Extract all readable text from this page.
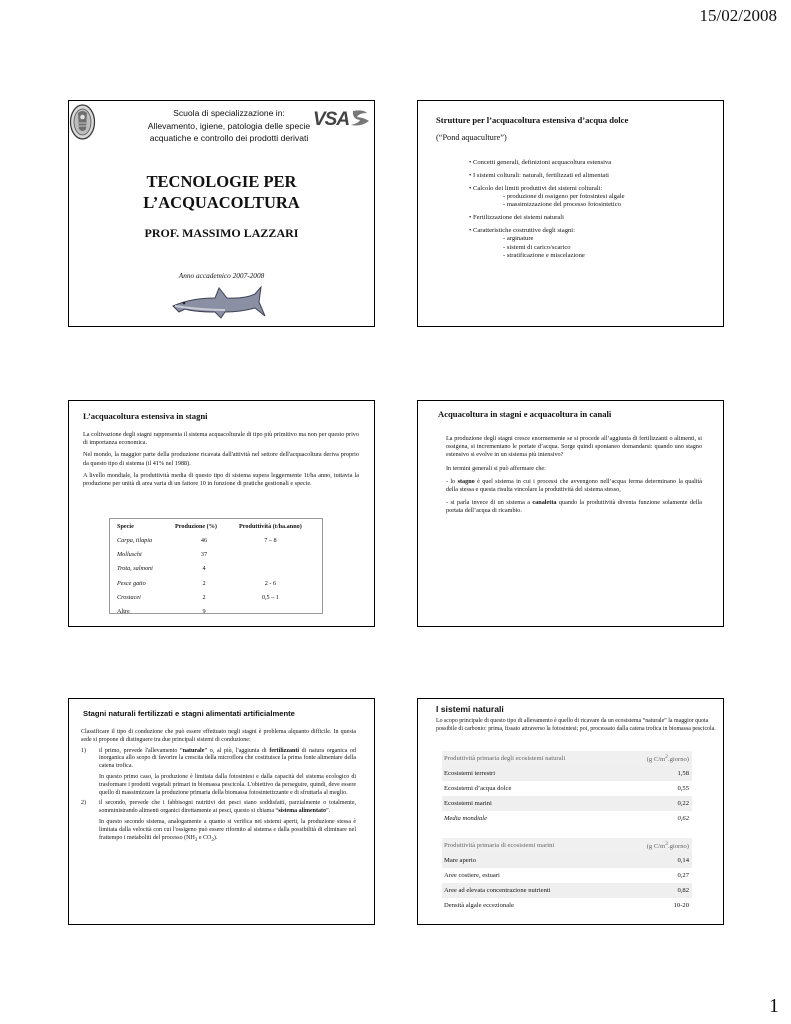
15/02/2008
1
Scuola di specializzazione in:
Allevamento, igiene, patologia delle specie
acquatiche e controllo dei prodotti derivati
VSA
TECNOLOGIE PER
L’ACQUACOLTURA
PROF. MASSIMO LAZZARI
Anno accademico 2007-2008
Strutture per l’acquacoltura estensiva d’acqua dolce
(“Pond aquaculture”)
• Concetti generali, definizioni acquacoltura estensiva
• I sistemi colturali: naturali, fertilizzati ed alimentati
• Calcolo dei limiti produttivi dei sistemi colturali:
- produzione di ossigeno per fotosintesi algale
- massimizzazione del processo fotosintetico
• Fertilizzazione dei sistemi naturali
• Caratteristiche costruttive degli stagni:
- arginature
- sistemi di carico/scarico
- stratificazione e miscelazione
L’acquacoltura estensiva in stagni

La coltivazione degli stagni rappresenta il sistema acquacolturale di tipo più primitivo ma non per questo privo di importanza economica.

Nel mondo, la maggior parte della produzione ricavata dall'attività nel settore dell'acquacoltura deriva proprio da questo tipo di sistema (il 41% nel 1988).

A livello mondiale, la produttività media di questo tipo di sistema supera leggermente 1t/ha anno, tuttavia la produzione per unità di area varia di un fattore 10 in funzione di pratiche gestionali e specie.

Specie	Produzione (%)	Produttività (t/ha.anno)
Carpa, tilapia	46	7 – 8
Molluschi	37	
Trota, salmoni	4	
Pesce gatto	2	2 - 6
Crostacei	2	0,5 – 1
Altre	9	
Acquacoltura in stagni e acquacoltura in canali

La produzione degli stagni cresce enormemente se si procede all’aggiunta di fertilizzanti o alimenti, si ossigena, si incrementano le portate d’acqua. Sorge quindi spontaneo domandarsi: quando uno stagno estensivo si evolve in un sistema più intensivo?

In termini generali si può affermare che:

- lo stagno è quel sistema in cui i processi che avvengono nell’acqua ferma determinano la qualità della stessa e questa risulta vincolare la produttività del sistema stesso,

- si parla invece di un sistema a canaletta quando la produttività diventa funzione solamente della portata dell’acqua di ricambio.

Stagni naturali fertilizzati e stagni alimentati artificialmente

Classificare il tipo di conduzione che può essere effettuato negli stagni è problema alquanto difficile. In questa sede si propone di distinguere tra due principali sistemi di conduzione:

1)	il primo, prevede l'allevamento “naturale” o, al più, l'aggiunta di fertilizzanti di natura organica od inorganica allo scopo di favorire la crescita della microflora che costituisce la prima fonte alimentare della catena trofica.

In questo primo caso, la produzione è limitata dalla fotosintesi e dalla capacità del sistema ecologico di trasformare i prodotti vegetali primari in biomassa pescicola. L'obiettivo da perseguire, quindi, deve essere quello di massimizzare la produzione primaria della biomassa fotosintetizzante e di sfruttarla al meglio.

2)	il secondo, prevede che i fabbisogni nutritivi dei pesci siano soddisfatti, parzialmente o totalmente, somministrando alimenti organici direttamente ai pesci, questo si chiama “sistema alimentato”.

In questo secondo sistema, analogamente a quanto si verifica nei sistemi aperti, la produzione stessa è limitata dalla velocità con cui l'ossigeno può essere rifornito al sistema e dalla possibilità di eliminare nel frattempo i metaboliti del processo ($NH_3$ e $CO_2$).

I sistemi naturali
Lo scopo principale di questo tipo di allevamento è quello di ricavare da un ecosistema “naturale” la maggior quota possibile di carbonio: prima, fissato attraverso la fotosintesi; poi, processato dalla catena trofica in biomassa pescicola.
Produttività primaria degli ecosistemi naturali	(g $C/m^2.giorno$)
Ecosistemi terrestri	1,58
Ecosistemi d’acqua dolce	0,55
Ecosistemi marini	0,22
Media mondiale	0,62
Produttività primaria di ecosistemi marini	(g $C/m^2.giorno$)
Mare aperto	0,14
Aree costiere, estuari	0,27
Aree ad elevata concentrazione nutrienti	0,82
Densità algale eccezionale	10-20
